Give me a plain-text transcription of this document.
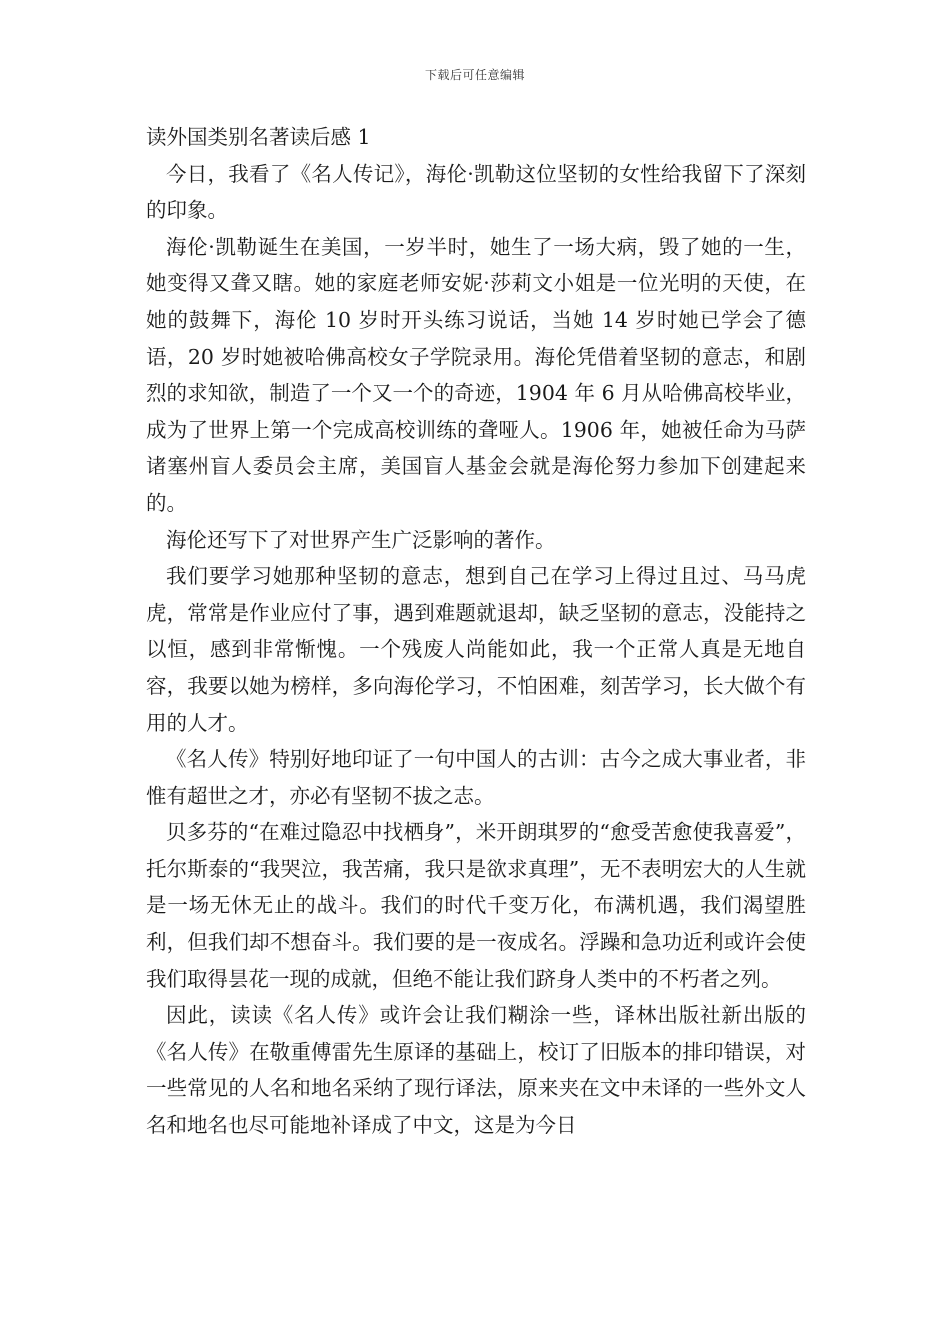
下载后可任意编辑
读外国类别名著读后感 1

今日，我看了《名人传记》，海伦·凯勒这位坚韧的女性给我留下了深刻的印象。

海伦·凯勒诞生在美国，一岁半时，她生了一场大病，毁了她的一生，她变得又聋又瞎。她的家庭老师安妮·莎莉文小姐是一位光明的天使，在她的鼓舞下，海伦 10 岁时开头练习说话，当她 14 岁时她已学会了德语，20 岁时她被哈佛高校女子学院录用。海伦凭借着坚韧的意志，和剧烈的求知欲，制造了一个又一个的奇迹，1904 年 6 月从哈佛高校毕业，成为了世界上第一个完成高校训练的聋哑人。1906 年，她被任命为马萨诸塞州盲人委员会主席，美国盲人基金会就是海伦努力参加下创建起来的。

海伦还写下了对世界产生广泛影响的著作。

我们要学习她那种坚韧的意志，想到自己在学习上得过且过、马马虎虎，常常是作业应付了事，遇到难题就退却，缺乏坚韧的意志，没能持之以恒，感到非常惭愧。一个残废人尚能如此，我一个正常人真是无地自容，我要以她为榜样，多向海伦学习，不怕困难，刻苦学习，长大做个有用的人才。

《名人传》特别好地印证了一句中国人的古训：古今之成大事业者，非惟有超世之才，亦必有坚韧不拔之志。

贝多芬的“在难过隐忍中找栖身”，米开朗琪罗的“愈受苦愈使我喜爱”，托尔斯泰的“我哭泣，我苦痛，我只是欲求真理”，无不表明宏大的人生就是一场无休无止的战斗。我们的时代千变万化，布满机遇，我们渴望胜利，但我们却不想奋斗。我们要的是一夜成名。浮躁和急功近利或许会使我们取得昙花一现的成就，但绝不能让我们跻身人类中的不朽者之列。

因此，读读《名人传》或许会让我们糊涂一些，译林出版社新出版的《名人传》在敬重傅雷先生原译的基础上，校订了旧版本的排印错误，对一些常见的人名和地名采纳了现行译法，原来夹在文中未译的一些外文人名和地名也尽可能地补译成了中文，这是为今日
